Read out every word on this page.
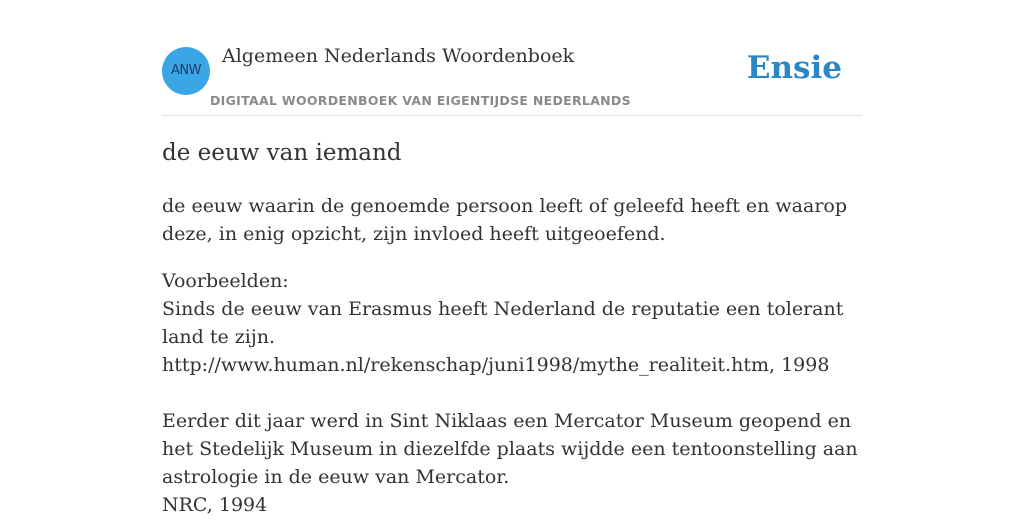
ANW
Algemeen Nederlands Woordenboek
DIGITAAL WOORDENBOEK VAN EIGENTIJDSE NEDERLANDS
Ensie
de eeuw van iemand

de eeuw waarin de genoemde persoon leeft of geleefd heeft en waarop deze, in enig opzicht, zijn invloed heeft uitgeoefend.

Voorbeelden:

Sinds de eeuw van Erasmus heeft Nederland de reputatie een tolerant land te zijn.

http://www.human.nl/rekenschap/juni1998/mythe_realiteit.htm, 1998

Eerder dit jaar werd in Sint Niklaas een Mercator Museum geopend en het Stedelijk Museum in diezelfde plaats wijdde een tentoonstelling aan astrologie in de eeuw van Mercator.

NRC, 1994
